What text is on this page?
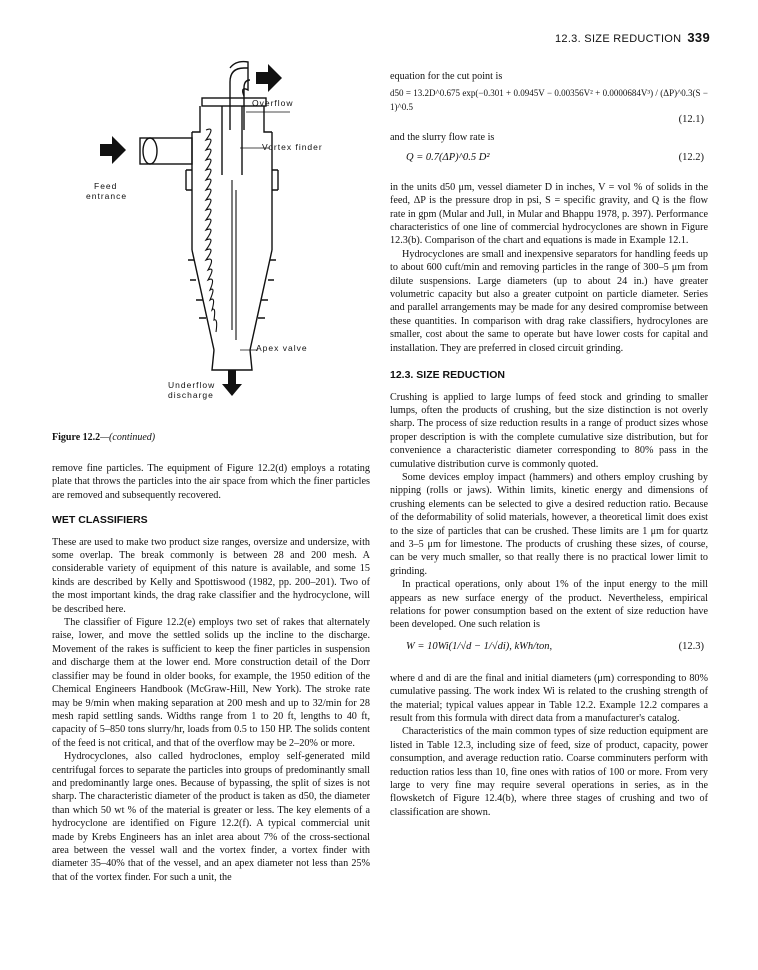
12.3. SIZE REDUCTION 339
Overflow
Vortex finder
Feed
entrance
Apex valve
Underflow
discharge
Figure 12.2—(continued)

remove fine particles. The equipment of Figure 12.2(d) employs a rotating plate that throws the particles into the air space from which the finer particles are removed and subsequently recovered.

WET CLASSIFIERS

These are used to make two product size ranges, oversize and undersize, with some overlap. The break commonly is between 28 and 200 mesh. A considerable variety of equipment of this nature is available, and some 15 kinds are described by Kelly and Spottiswood (1982, pp. 200–201). Two of the most important kinds, the drag rake classifier and the hydrocyclone, will be described here.

The classifier of Figure 12.2(e) employs two set of rakes that alternately raise, lower, and move the settled solids up the incline to the discharge. Movement of the rakes is sufficient to keep the finer particles in suspension and discharge them at the lower end. More construction detail of the Dorr classifier may be found in older books, for example, the 1950 edition of the Chemical Engineers Handbook (McGraw-Hill, New York). The stroke rate may be 9/min when making separation at 200 mesh and up to 32/min for 28 mesh rapid settling sands. Widths range from 1 to 20 ft, lengths to 40 ft, capacity of 5–850 tons slurry/hr, loads from 0.5 to 150 HP. The solids content of the feed is not critical, and that of the overflow may be 2–20% or more.

Hydrocyclones, also called hydroclones, employ self-generated mild centrifugal forces to separate the particles into groups of predominantly small and predominantly large ones. Because of bypassing, the split of sizes is not sharp. The characteristic diameter of the product is taken as d50, the diameter than which 50 wt % of the material is greater or less. The key elements of a hydrocyclone are identified on Figure 12.2(f). A typical commercial unit made by Krebs Engineers has an inlet area about 7% of the cross-sectional area between the vessel wall and the vortex finder, a vortex finder with diameter 35–40% that of the vessel, and an apex diameter not less than 25% that of the vortex finder. For such a unit, the

equation for the cut point is

d50 = 13.2D^0.675 exp(−0.301 + 0.0945V − 0.00356V² + 0.0000684V³) / (ΔP)^0.3(S − 1)^0.5
(12.1)

and the slurry flow rate is

Q = 0.7(ΔP)^0.5 D²	(12.2)

in the units d50 μm, vessel diameter D in inches, V = vol % of solids in the feed, ΔP is the pressure drop in psi, S = specific gravity, and Q is the flow rate in gpm (Mular and Jull, in Mular and Bhappu 1978, p. 397). Performance characteristics of one line of commercial hydrocyclones are shown in Figure 12.3(b). Comparison of the chart and equations is made in Example 12.1.

Hydrocyclones are small and inexpensive separators for handling feeds up to about 600 cuft/min and removing particles in the range of 300–5 μm from dilute suspensions. Large diameters (up to about 24 in.) have greater volumetric capacity but also a greater cutpoint on particle diameter. Series and parallel arrangements may be made for any desired compromise between these quantities. In comparison with drag rake classifiers, hydrocylones are smaller, cost about the same to operate but have lower costs for capital and installation. They are preferred in closed circuit grinding.

12.3. SIZE REDUCTION

Crushing is applied to large lumps of feed stock and grinding to smaller lumps, often the products of crushing, but the size distinction is not overly sharp. The process of size reduction results in a range of product sizes whose proper description is with the complete cumulative size distribution, but for convenience a characteristic diameter corresponding to 80% pass in the cumulative distribution curve is commonly quoted.

Some devices employ impact (hammers) and others employ crushing by nipping (rolls or jaws). Within limits, kinetic energy and dimensions of crushing elements can be selected to give a desired reduction ratio. Because of the deformability of solid materials, however, a theoretical limit does exist to the size of particles that can be crushed. These limits are 1 μm for quartz and 3–5 μm for limestone. The products of crushing these sizes, of course, can be very much smaller, so that really there is no practical lower limit to grinding.

In practical operations, only about 1% of the input energy to the mill appears as new surface energy of the product. Nevertheless, empirical relations for power consumption based on the extent of size reduction have been developed. One such relation is

W = 10Wi(1/√d − 1/√di), kWh/ton,	(12.3)

where d and di are the final and initial diameters (μm) corresponding to 80% cumulative passing. The work index Wi is related to the crushing strength of the material; typical values appear in Table 12.2. Example 12.2 compares a result from this formula with direct data from a manufacturer's catalog.

Characteristics of the main common types of size reduction equipment are listed in Table 12.3, including size of feed, size of product, capacity, power consumption, and average reduction ratio. Coarse comminuters perform with reduction ratios less than 10, fine ones with ratios of 100 or more. From very large to very fine may require several operations in series, as in the flowsketch of Figure 12.4(b), where three stages of crushing and two of classification are shown.
